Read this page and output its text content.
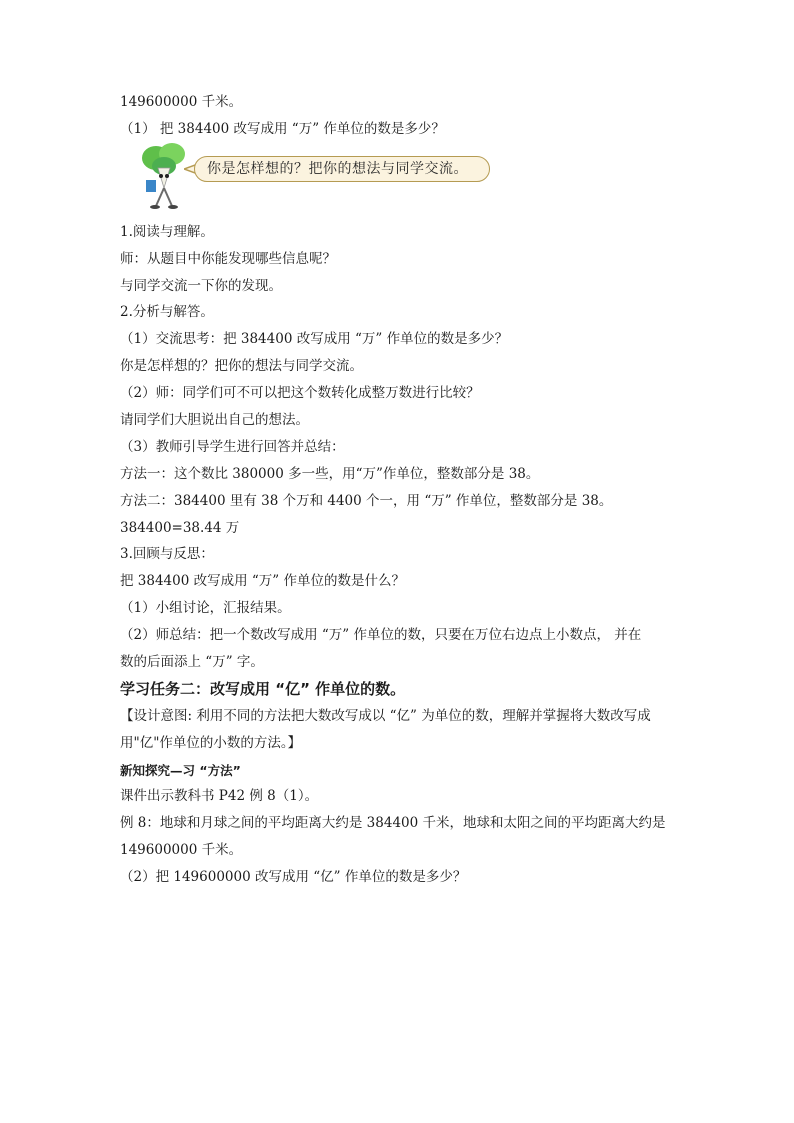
149600000 千米。
（1） 把 384400 改写成用 “万” 作单位的数是多少？
你是怎样想的？把你的想法与同学交流。
1.阅读与理解。
师：从题目中你能发现哪些信息呢？
与同学交流一下你的发现。
2.分析与解答。
（1）交流思考：把 384400 改写成用 “万” 作单位的数是多少？
你是怎样想的？把你的想法与同学交流。
（2）师：同学们可不可以把这个数转化成整万数进行比较？
请同学们大胆说出自己的想法。
（3）教师引导学生进行回答并总结：
方法一：这个数比 380000 多一些，用“万”作单位，整数部分是 38。
方法二：384400 里有 38 个万和 4400 个一，用 “万” 作单位，整数部分是 38。
384400=38.44 万
3.回顾与反思：
把 384400 改写成用 “万” 作单位的数是什么？
（1）小组讨论，汇报结果。
（2）师总结：把一个数改写成用 “万” 作单位的数，只要在万位右边点上小数点， 并在
数的后面添上 “万” 字。
学习任务二：改写成用 “亿” 作单位的数。
【设计意图: 利用不同的方法把大数改写成以 “亿” 为单位的数，理解并掌握将大数改写成
用"亿"作单位的小数的方法。】
新知探究—习 “方法”
课件出示教科书 P42 例 8（1）。
例 8：地球和月球之间的平均距离大约是 384400 千米，地球和太阳之间的平均距离大约是
149600000 千米。
（2）把 149600000 改写成用 “亿” 作单位的数是多少？
